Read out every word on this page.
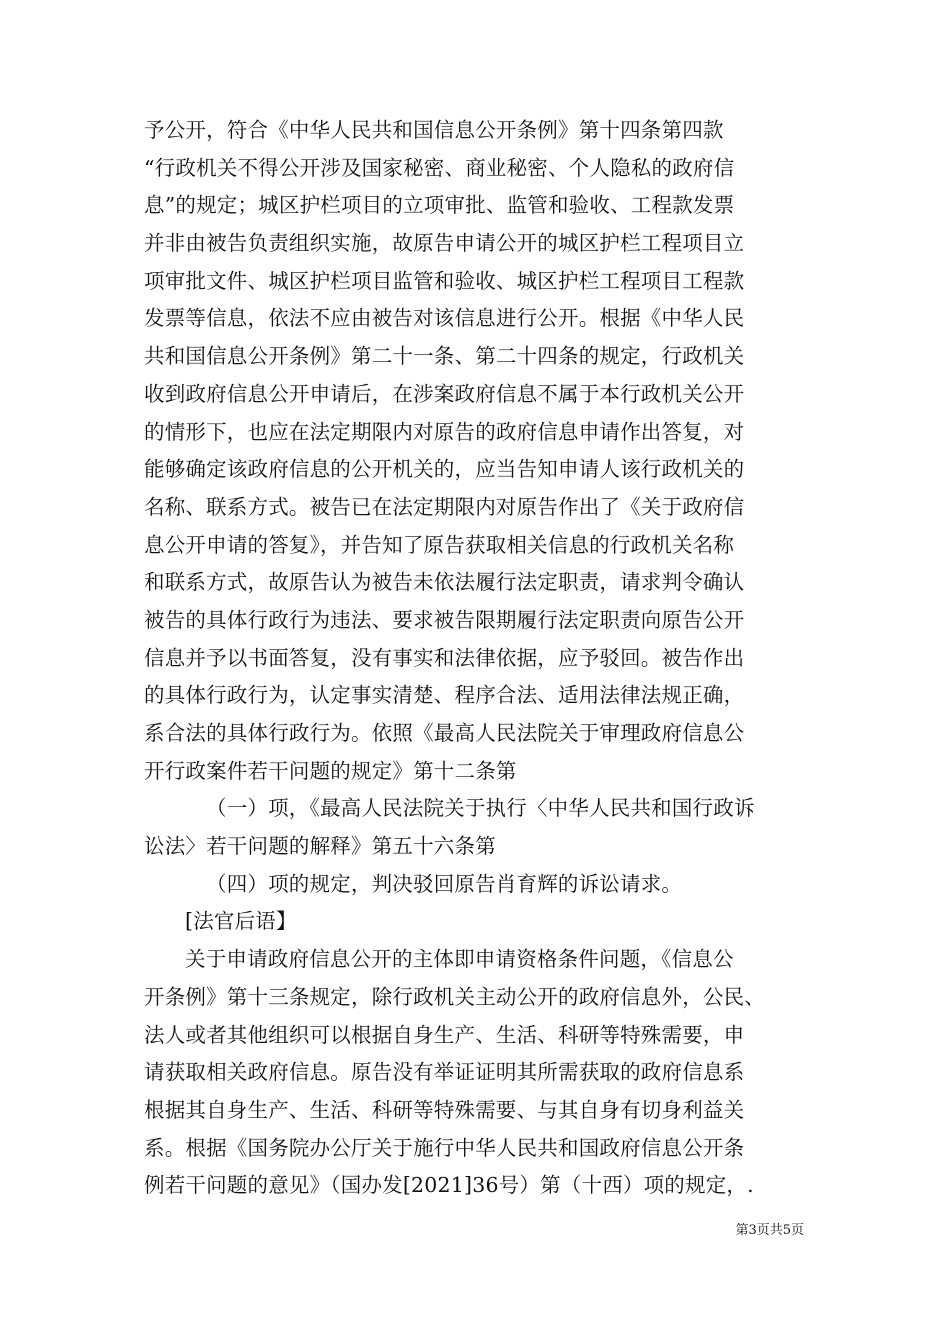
予公开，符合《中华人民共和国信息公开条例》第十四条第四款
“行政机关不得公开涉及国家秘密、商业秘密、个人隐私的政府信
息”的规定；城区护栏项目的立项审批、监管和验收、工程款发票
并非由被告负责组织实施，故原告申请公开的城区护栏工程项目立
项审批文件、城区护栏项目监管和验收、城区护栏工程项目工程款
发票等信息，依法不应由被告对该信息进行公开。根据《中华人民
共和国信息公开条例》第二十一条、第二十四条的规定，行政机关
收到政府信息公开申请后，在涉案政府信息不属于本行政机关公开
的情形下，也应在法定期限内对原告的政府信息申请作出答复，对
能够确定该政府信息的公开机关的，应当告知申请人该行政机关的
名称、联系方式。被告已在法定期限内对原告作出了《关于政府信
息公开申请的答复》，并告知了原告获取相关信息的行政机关名称
和联系方式，故原告认为被告未依法履行法定职责，请求判令确认
被告的具体行政行为违法、要求被告限期履行法定职责向原告公开
信息并予以书面答复，没有事实和法律依据，应予驳回。被告作出
的具体行政行为，认定事实清楚、程序合法、适用法律法规正确，
系合法的具体行政行为。依照《最高人民法院关于审理政府信息公
开行政案件若干问题的规定》第十二条第
（一）项，《最高人民法院关于执行〈中华人民共和国行政诉
讼法〉若干问题的解释》第五十六条第
（四）项的规定，判决驳回原告肖育辉的诉讼请求。
[法官后语】
关于申请政府信息公开的主体即申请资格条件问题，《信息公
开条例》第十三条规定，除行政机关主动公开的政府信息外，公民、
法人或者其他组织可以根据自身生产、生活、科研等特殊需要，申
请获取相关政府信息。原告没有举证证明其所需获取的政府信息系
根据其自身生产、生活、科研等特殊需要、与其自身有切身利益关
系。根据《国务院办公厅关于施行中华人民共和国政府信息公开条
例若干问题的意见》（国办发[2021]36号）第（十西）项的规定，.
第3页共5页
